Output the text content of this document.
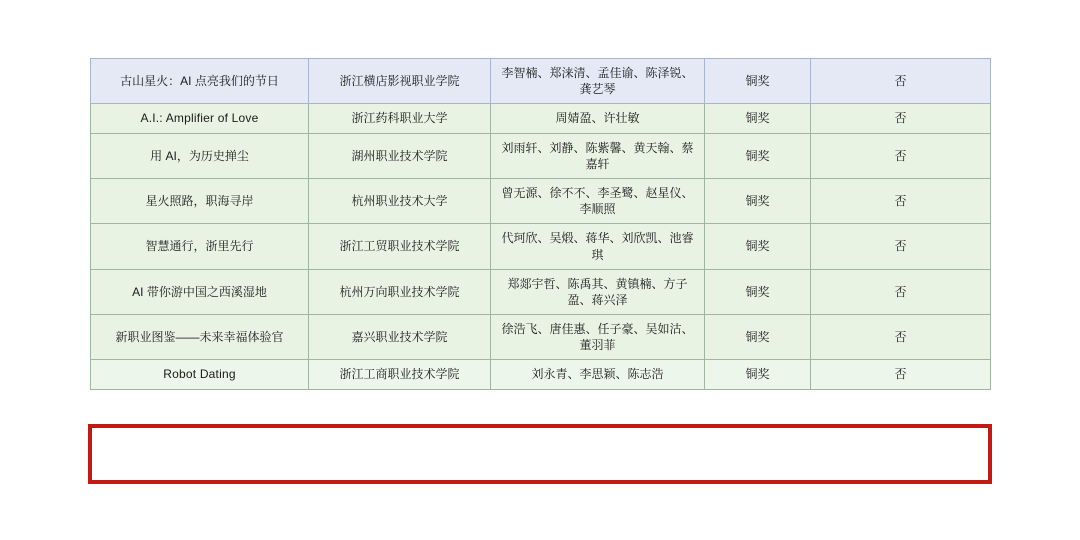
古山星火：AI 点亮我们的节日	浙江横店影视职业学院	李智楠、郑涞清、孟佳谕、陈泽锐、龚艺琴	铜奖	否
A.I.: Amplifier of Love	浙江药科职业大学	周婧盈、许壮敏	铜奖	否
用 AI，为历史掸尘	湖州职业技术学院	刘雨轩、刘静、陈紫馨、黄天翰、蔡嘉轩	铜奖	否
星火照路，职海寻岸	杭州职业技术大学	曾无源、徐不不、李圣鹭、赵星仪、李顺照	铜奖	否
智慧通行，浙里先行	浙江工贸职业技术学院	代珂欣、吴煅、蒋华、刘欣凯、池睿琪	铜奖	否
AI 带你游中国之西溪湿地	杭州万向职业技术学院	郑郯宇哲、陈禹其、黄镇楠、方子盈、蒋兴泽	铜奖	否
新职业图鉴——未来幸福体验官	嘉兴职业技术学院	徐浩飞、唐佳惠、任子豪、吴如沽、董羽菲	铜奖	否
Robot Dating	浙江工商职业技术学院	刘永青、李思颖、陈志浩	铜奖	否
